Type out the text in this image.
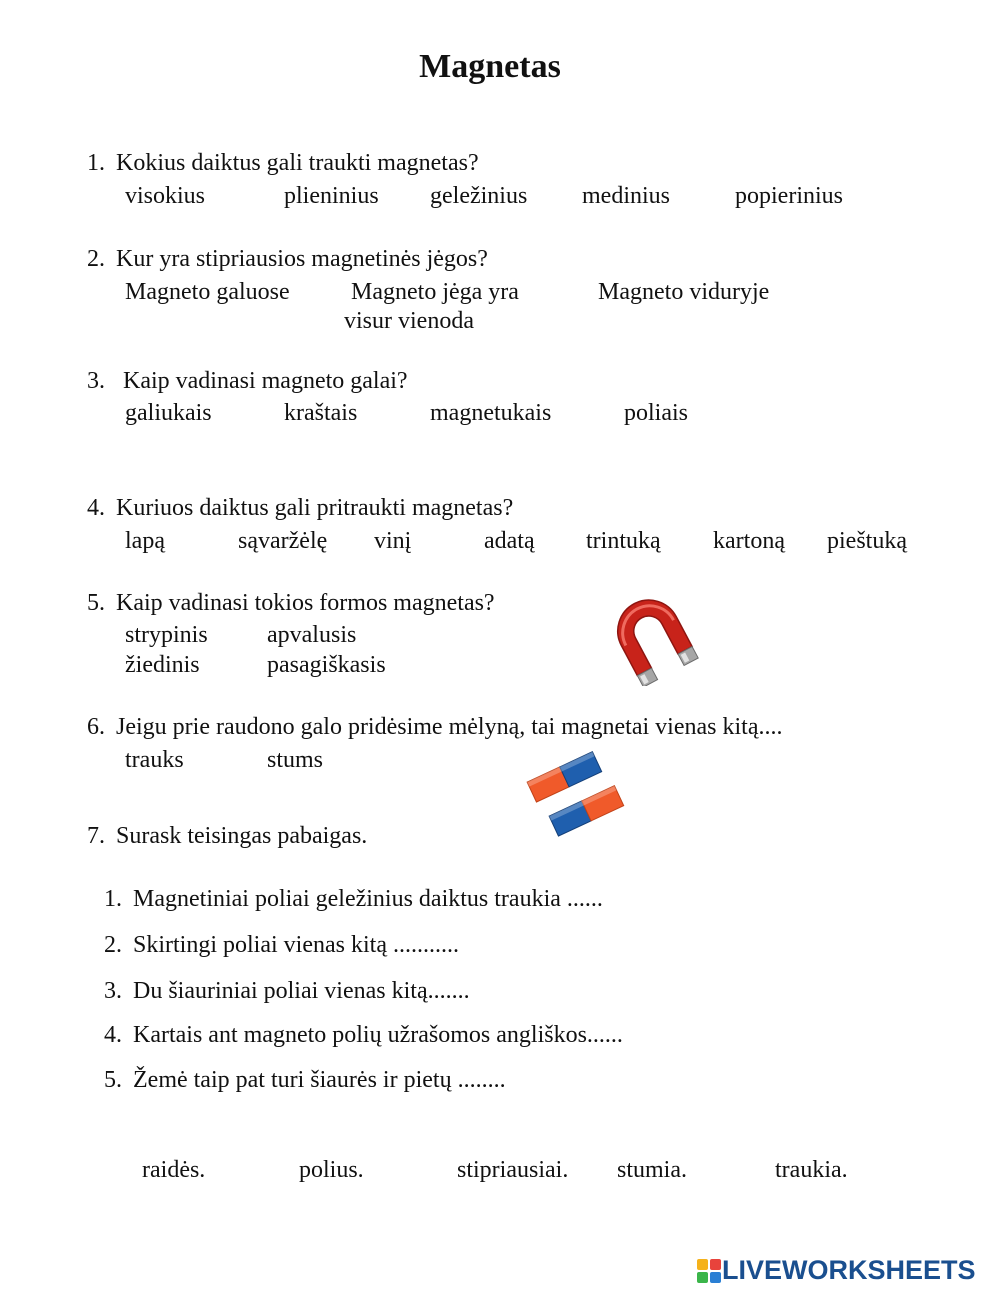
Magnetas
1. Kokius daiktus gali traukti magnetas?
visokius	plieninius geležinius medinius	popierinius
2. Kur yra stipriausios magnetinės jėgos?
Magneto galuose	Magneto jėga yra
visur vienoda
Magneto viduryje
3. Kaip vadinasi magneto galai?
galiukais	kraštais	magnetukais	poliais
4. Kuriuos daiktus gali pritraukti magnetas?
lapą	sąvaržėlę vinį	adatą trintuką kartoną pieštuką
5. Kaip vadinasi tokios formos magnetas?
strypinis apvalusis
žiedinis	pasagiškasis
6. Jeigu prie raudono galo pridėsime mėlyną, tai magnetai vienas kitą....
trauks	stums
7. Surask teisingas pabaigas.
1. Magnetiniai poliai geležinius daiktus traukia ......
2. Skirtingi poliai vienas kitą ...........
3. Du šiauriniai poliai vienas kitą.......
4. Kartais ant magneto polių užrašomos angliškos......
5. Žemė taip pat turi šiaurės ir pietų ........
raidės.	polius.	stipriausiai. stumia.	traukia.
LIVEWORKSHEETS
